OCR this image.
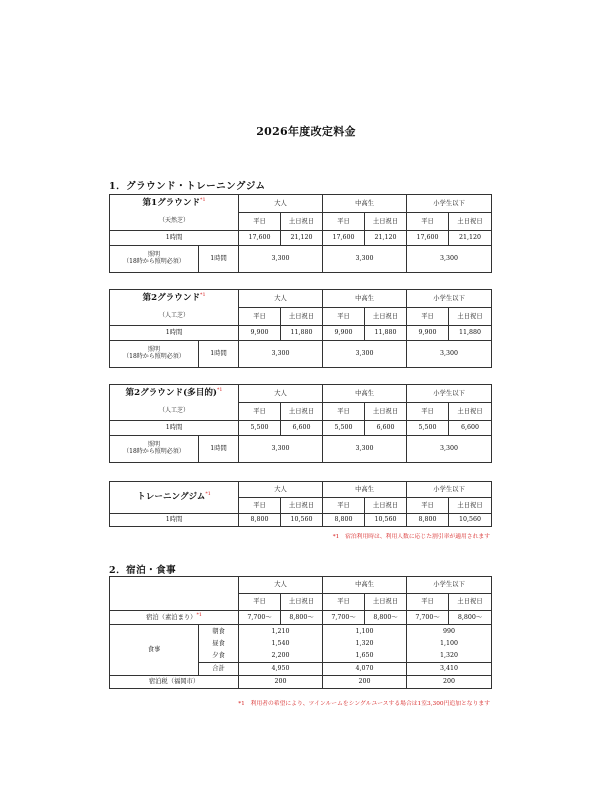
2026年度改定料金
1．グラウンド・トレーニングジム
第1グラウンド$^{*1}$		大人		中高生		小学生以下	
（天然芝）		平日	土日祝日	平日	土日祝日	平日	土日祝日
1時間		17,600	21,120	17,600	21,120	17,600	21,120

照明
（18時から照明必須）	1時間	3,300		3,300		3,300	
第2グラウンド$^{*1}$		大人		中高生		小学生以下	
（人工芝）		平日	土日祝日	平日	土日祝日	平日	土日祝日
1時間		9,900	11,880	9,900	11,880	9,900	11,880

照明
（18時から照明必須）	1時間	3,300		3,300		3,300	
第2グラウンド(多目的)$^{*1}$		大人		中高生		小学生以下	
（人工芝）		平日	土日祝日	平日	土日祝日	平日	土日祝日
1時間		5,500	6,600	5,500	6,600	5,500	6,600

照明
（18時から照明必須）	1時間	3,300		3,300		3,300	
トレーニングジム$^{*1}$	大人		中高生		小学生以下	
	平日	土日祝日	平日	土日祝日	平日	土日祝日
1時間	8,800	10,560	8,800	10,560	8,800	10,560
*1　宿泊利用時は、利用人数に応じた割引率が適用されます
2．宿泊・食事
		大人		中高生		小学生以下	
		平日	土日祝日	平日	土日祝日	平日	土日祝日
宿泊（素泊まり）$^{*1}$		7,700～	8,800～	7,700～	8,800～	7,700～	8,800～
食事	朝食	1,210		1,100		990	
	昼食	1,540		1,320		1,100	
	夕食	2,200		1,650		1,320	
	合計	4,950		4,070		3,410	
宿泊税（福岡市）		200		200		200	
*1　利用者の希望により、ツインルームをシングルユースする場合は1室3,300円追加となります
